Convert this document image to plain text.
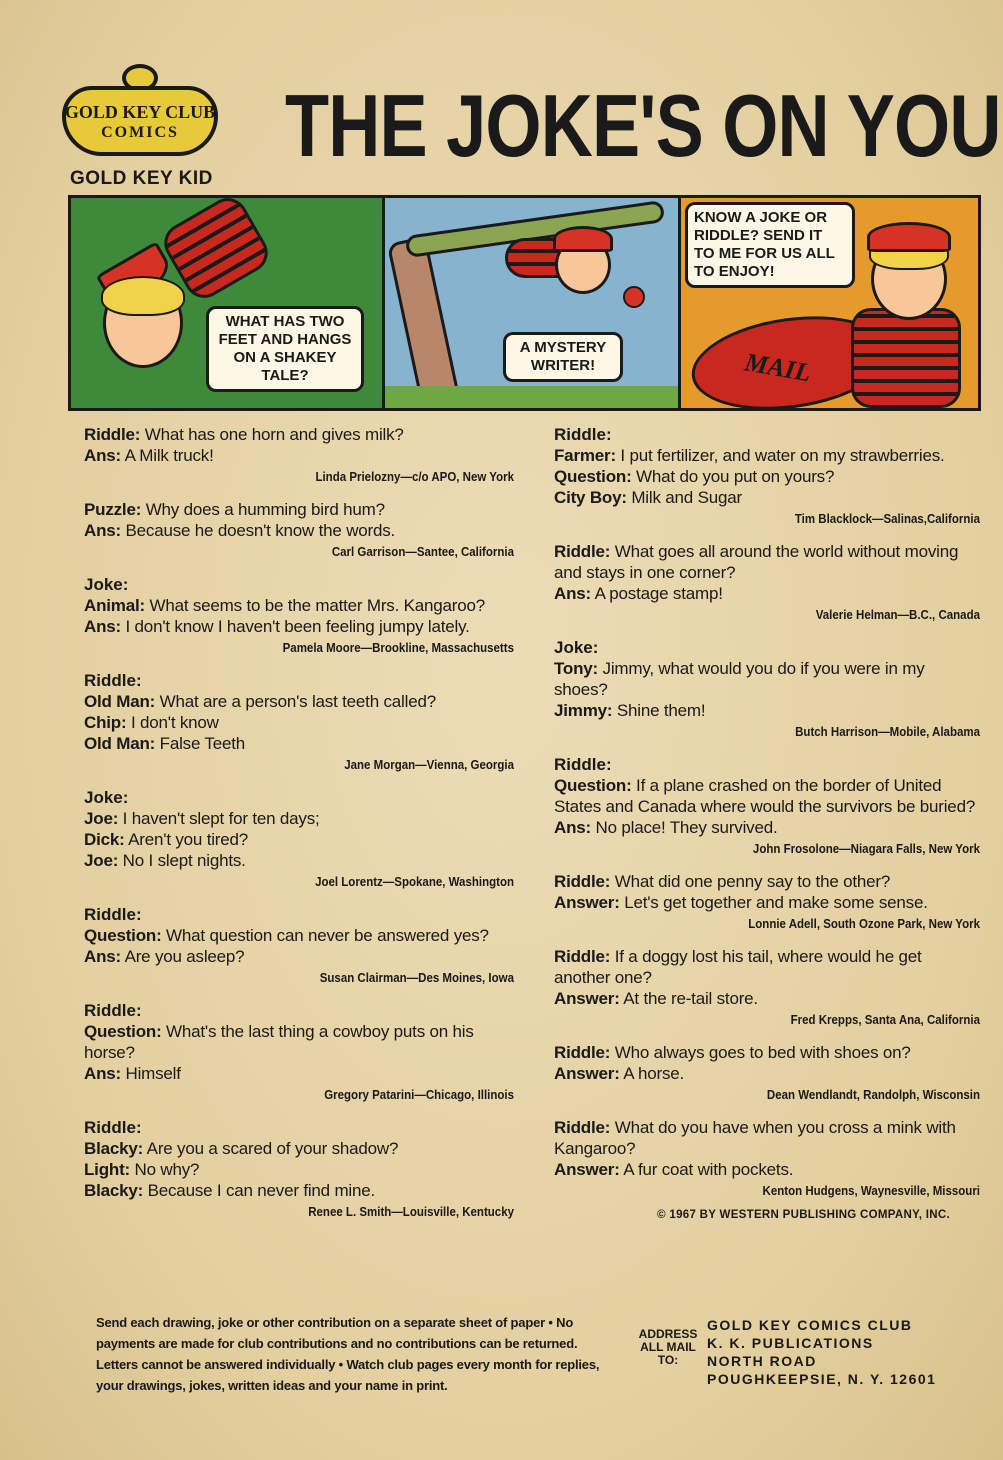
GOLD KEY CLUB
COMICS
GOLD KEY KID
THE JOKE'S ON YOU
WHAT HAS TWO FEET AND HANGS ON A SHAKEY TALE?
A MYSTERY WRITER!	MAIL
KNOW A JOKE OR RIDDLE? SEND IT TO ME FOR US ALL TO ENJOY!
Riddle: What has one horn and gives milk?
Ans: A Milk truck!
Linda Prielozny—c/o APO, New York
Puzzle: Why does a humming bird hum?
Ans: Because he doesn't know the words.
Carl Garrison—Santee, California
Joke:
Animal: What seems to be the matter Mrs. Kangaroo?
Ans: I don't know I haven't been feeling jumpy lately.
Pamela Moore—Brookline, Massachusetts
Riddle:
Old Man: What are a person's last teeth called?
Chip: I don't know
Old Man: False Teeth
Jane Morgan—Vienna, Georgia
Joke:
Joe: I haven't slept for ten days;
Dick: Aren't you tired?
Joe: No I slept nights.
Joel Lorentz—Spokane, Washington
Riddle:
Question: What question can never be answered yes?
Ans: Are you asleep?
Susan Clairman—Des Moines, Iowa
Riddle:
Question: What's the last thing a cowboy puts on his horse?
Ans: Himself
Gregory Patarini—Chicago, Illinois
Riddle:
Blacky: Are you a scared of your shadow?
Light: No why?
Blacky: Because I can never find mine.
Renee L. Smith—Louisville, Kentucky
Riddle:
Farmer: I put fertilizer, and water on my strawberries.
Question: What do you put on yours?
City Boy: Milk and Sugar
Tim Blacklock—Salinas,California
Riddle: What goes all around the world without moving and stays in one corner?
Ans: A postage stamp!
Valerie Helman—B.C., Canada
Joke:
Tony: Jimmy, what would you do if you were in my shoes?
Jimmy: Shine them!
Butch Harrison—Mobile, Alabama
Riddle:
Question: If a plane crashed on the border of United States and Canada where would the survivors be buried?
Ans: No place! They survived.
John Frosolone—Niagara Falls, New York
Riddle: What did one penny say to the other?
Answer: Let's get together and make some sense.
Lonnie Adell, South Ozone Park, New York
Riddle: If a doggy lost his tail, where would he get another one?
Answer: At the re-tail store.
Fred Krepps, Santa Ana, California
Riddle: Who always goes to bed with shoes on?
Answer: A horse.
Dean Wendlandt, Randolph, Wisconsin
Riddle: What do you have when you cross a mink with Kangaroo?
Answer: A fur coat with pockets.
Kenton Hudgens, Waynesville, Missouri
© 1967 BY WESTERN PUBLISHING COMPANY, INC.
Send each drawing, joke or other contribution on a separate sheet of paper • No payments are made for club contributions and no contributions can be returned. Letters cannot be answered individually • Watch club pages every month for replies, your drawings, jokes, written ideas and your name in print.
ADDRESS ALL MAIL TO:
GOLD KEY COMICS CLUB
K. K. PUBLICATIONS
NORTH ROAD
POUGHKEEPSIE, N. Y. 12601
